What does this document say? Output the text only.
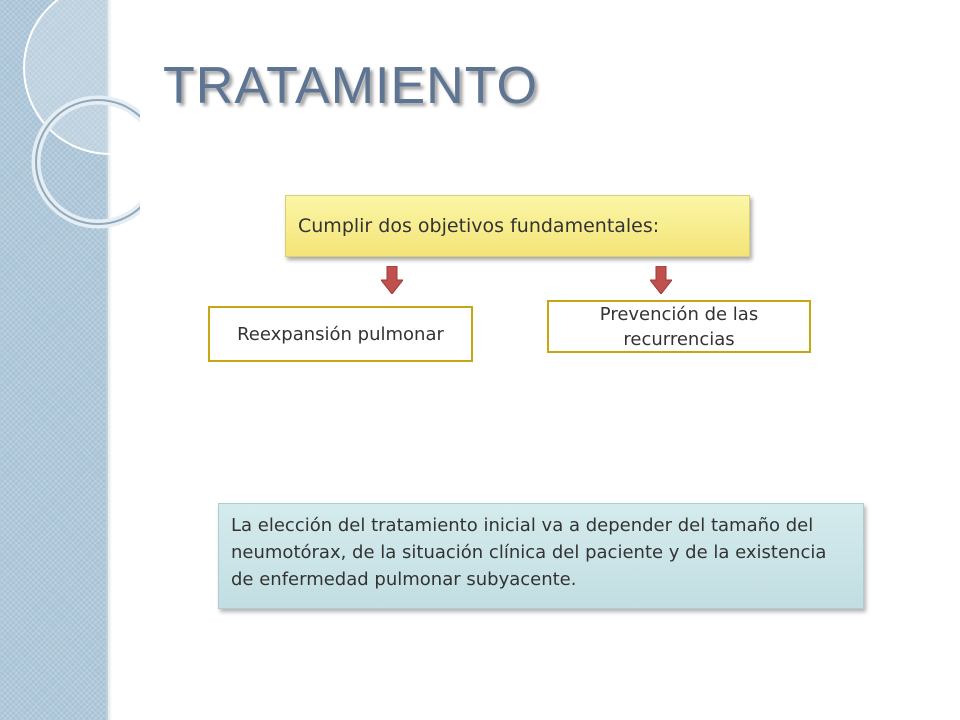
TRATAMIENTO
Cumplir dos objetivos fundamentales:
Reexpansión pulmonar
Prevención de las recurrencias
La elección del tratamiento inicial va a depender del tamaño del neumotórax, de la situación clínica del paciente y de la existencia de enfermedad pulmonar subyacente.
